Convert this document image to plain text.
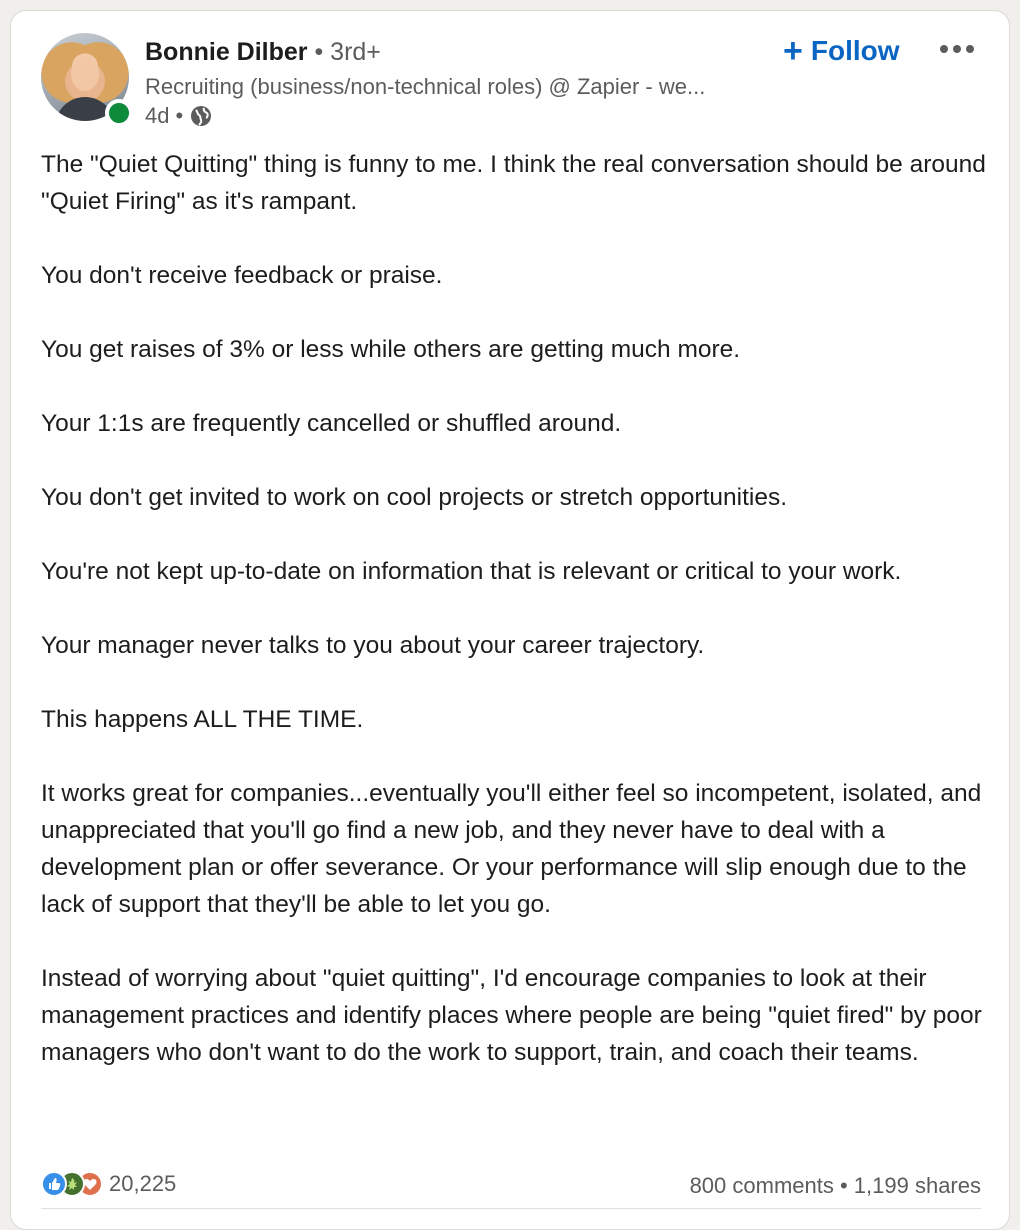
Bonnie Dilber • 3rd+
Recruiting (business/non-technical roles) @ Zapier - we...
4d •
+ Follow

The "Quiet Quitting" thing is funny to me. I think the real conversation should be around "Quiet Firing" as it's rampant.

You don't receive feedback or praise.

You get raises of 3% or less while others are getting much more.

Your 1:1s are frequently cancelled or shuffled around.

You don't get invited to work on cool projects or stretch opportunities.

You're not kept up-to-date on information that is relevant or critical to your work.

Your manager never talks to you about your career trajectory.

This happens ALL THE TIME.

It works great for companies...eventually you'll either feel so incompetent, isolated, and unappreciated that you'll go find a new job, and they never have to deal with a development plan or offer severance. Or your performance will slip enough due to the lack of support that they'll be able to let you go.

Instead of worrying about "quiet quitting", I'd encourage companies to look at their management practices and identify places where people are being "quiet fired" by poor managers who don't want to do the work to support, train, and coach their teams.

20,225	800 comments • 1,199 shares
